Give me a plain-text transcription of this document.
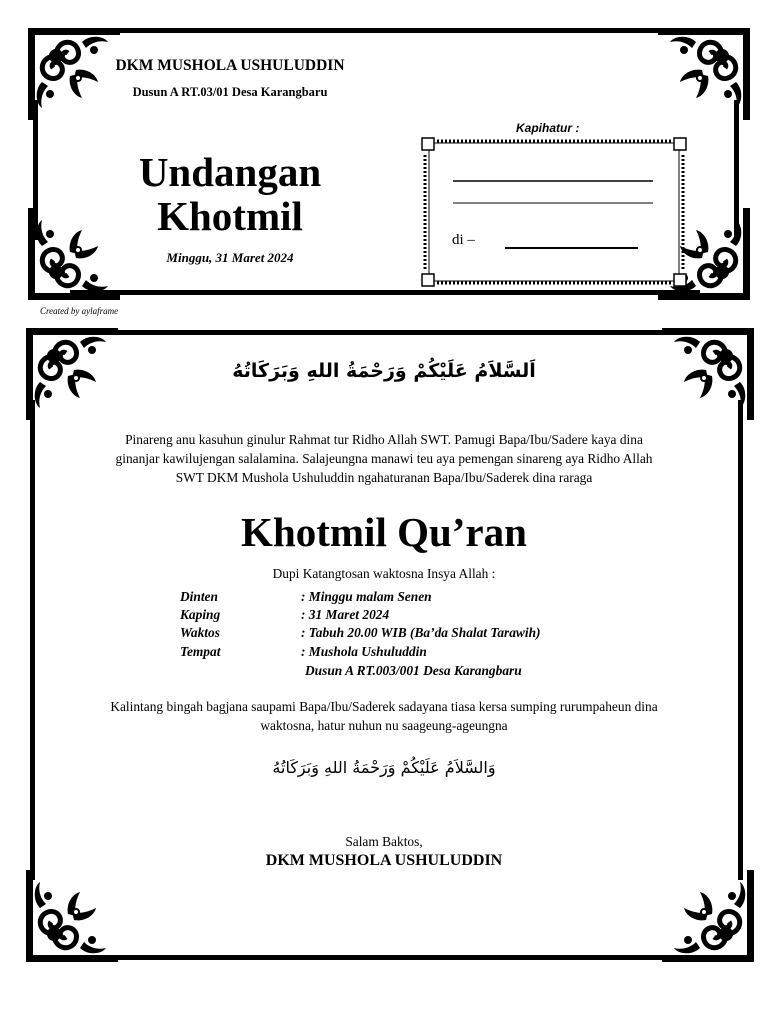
DKM MUSHOLA USHULUDDIN
Dusun A RT.03/01 Desa Karangbaru
Undangan
Khotmil
Minggu, 31 Maret 2024
Kapihatur :
di –
Created by aylaframe
اَلسَّلاَمُ عَلَيْكُمْ وَرَحْمَةُ اللهِ وَبَرَكَاتُهُ
Pinareng anu kasuhun ginulur Rahmat tur Ridho Allah SWT. Pamugi Bapa/Ibu/Sadere kaya dina
ginanjar kawilujengan salalamina. Salajeungna manawi teu aya pemengan sinareng aya Ridho Allah
SWT DKM Mushola Ushuluddin ngahaturanan Bapa/Ibu/Saderek dina raraga
Khotmil Qu’ran
Dupi Katangtosan waktosna Insya Allah :
Dinten	: Minggu malam Senen
Kaping	: 31 Maret 2024
Waktos	: Tabuh 20.00 WIB (Ba’da Shalat Tarawih)
Tempat	: Mushola Ushuluddin
Dusun A RT.003/001 Desa Karangbaru
Kalintang bingah bagjana saupami Bapa/Ibu/Saderek sadayana tiasa kersa sumping rurumpaheun dina
waktosna, hatur nuhun nu saageung-ageungna
وَالسَّلاَمُ عَلَيْكُمْ وَرَحْمَةُ اللهِ وَبَرَكَاتُهُ
Salam Baktos,
DKM MUSHOLA USHULUDDIN
